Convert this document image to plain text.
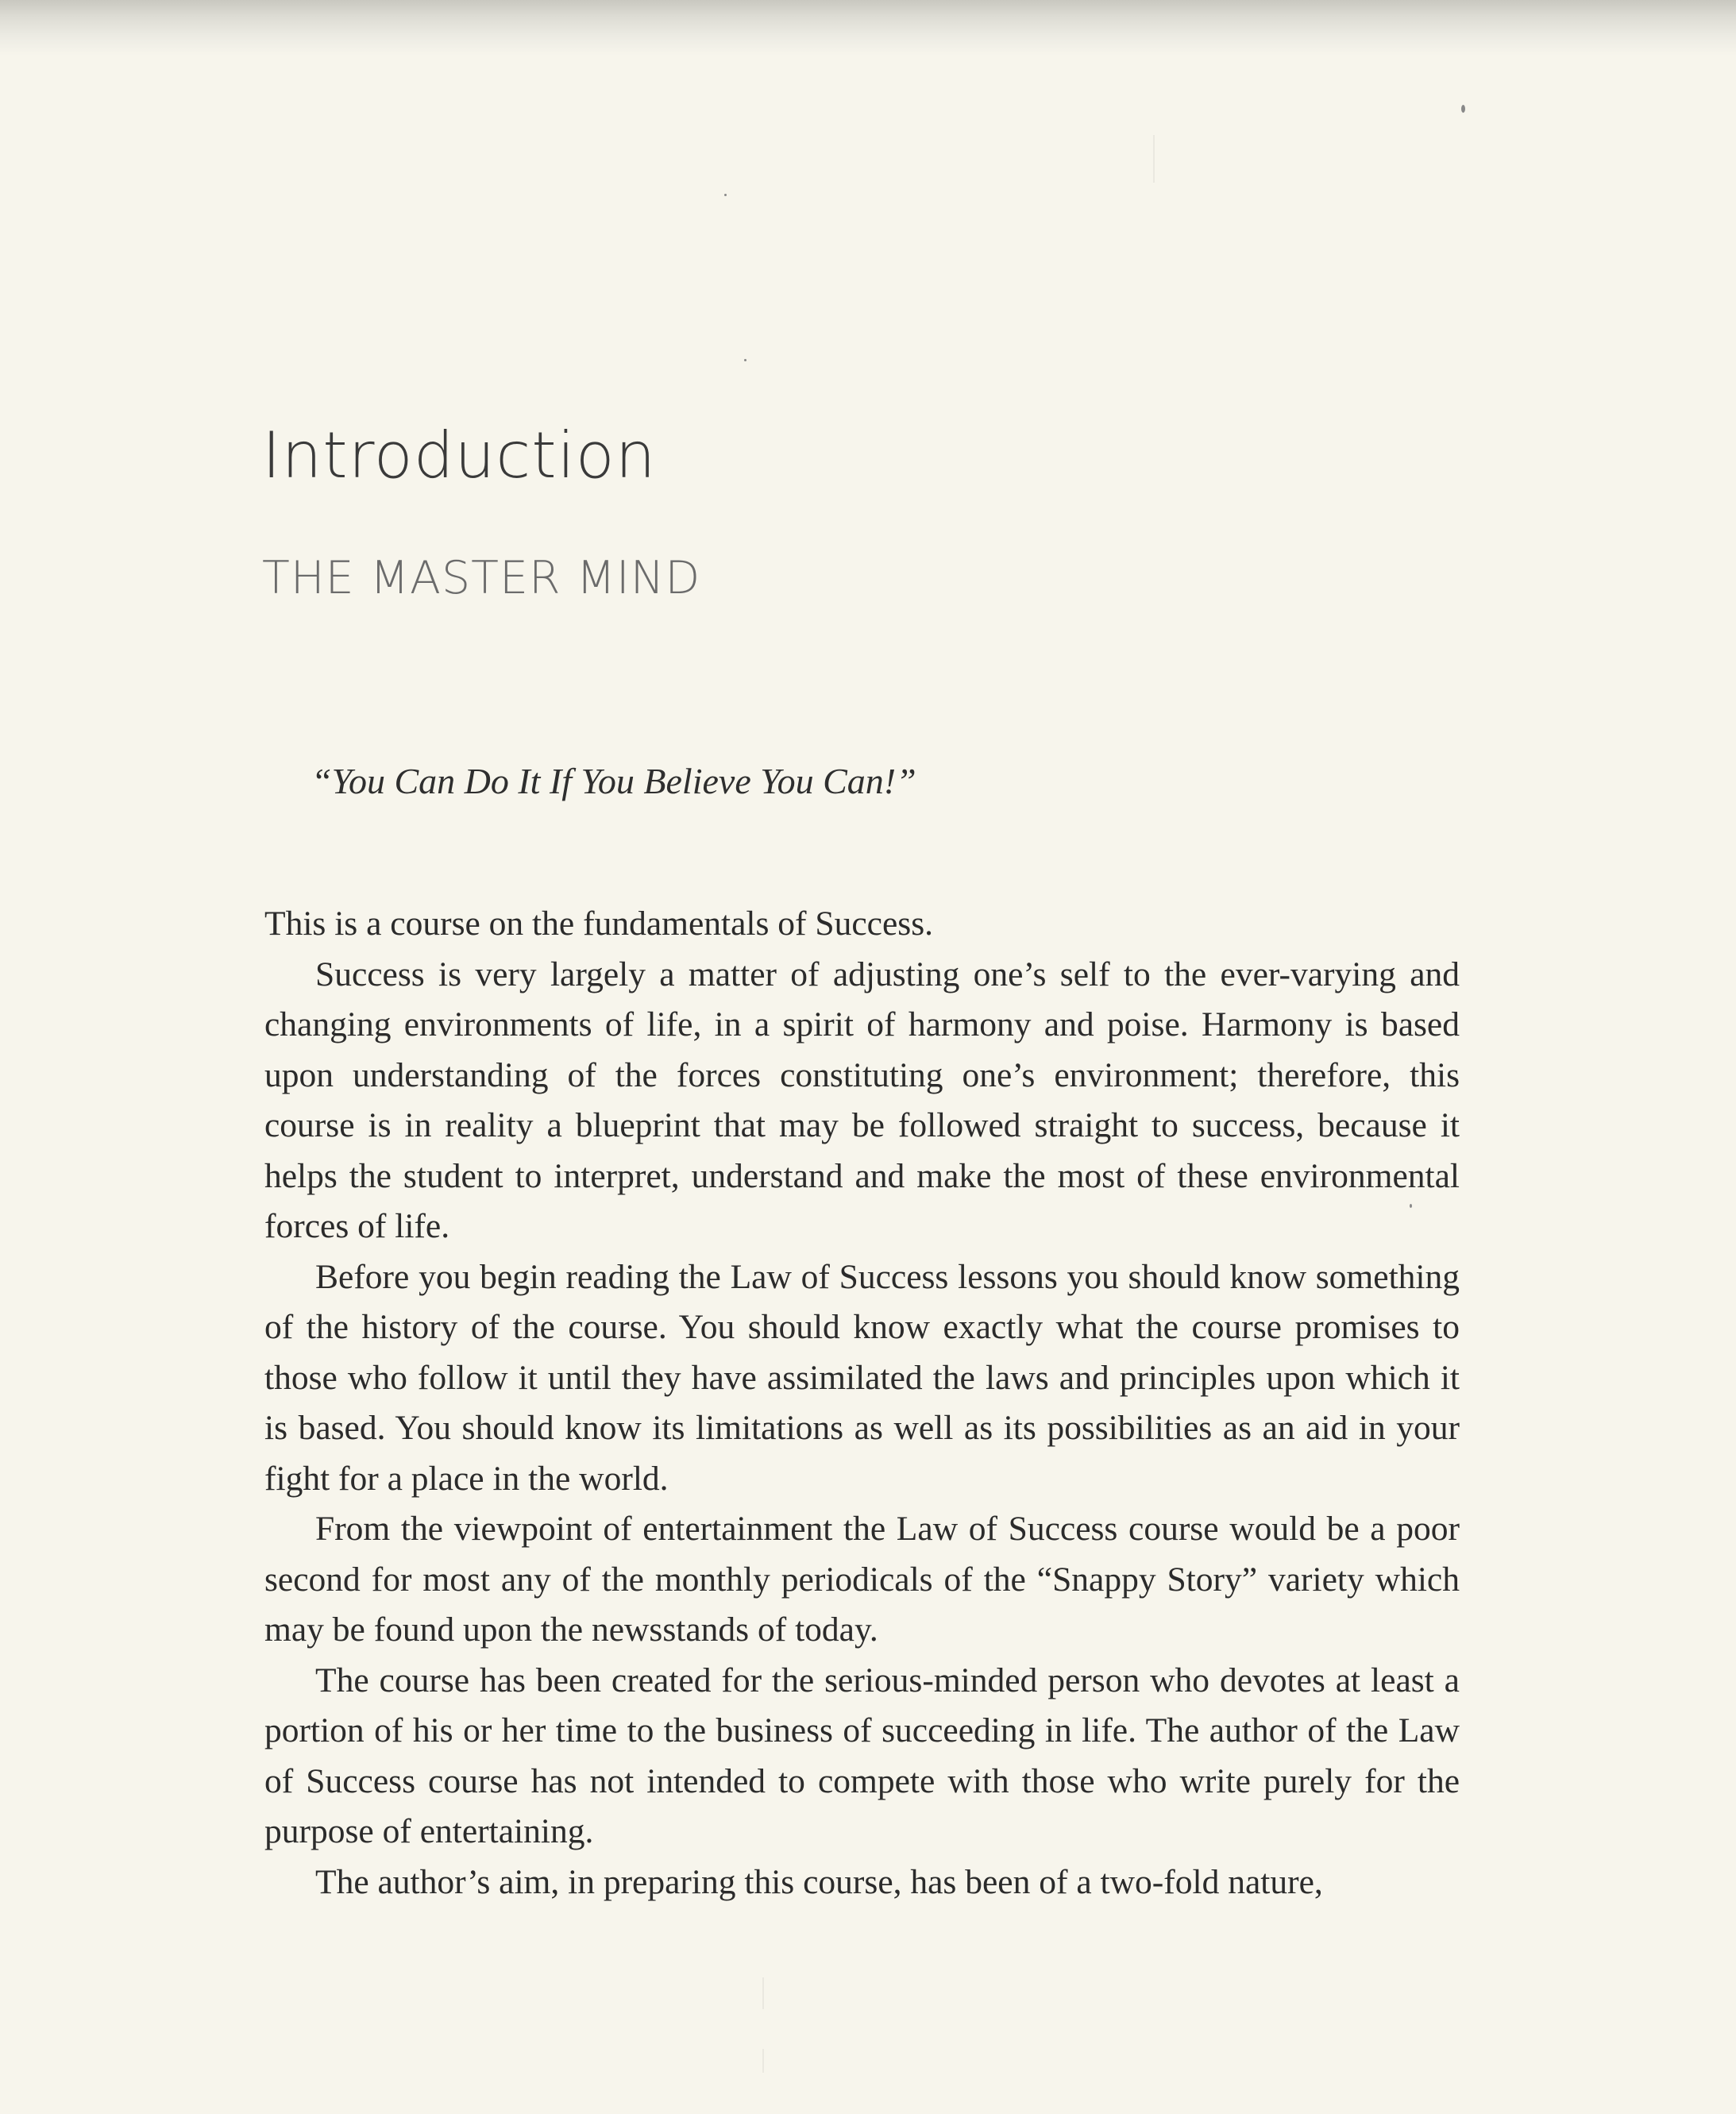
Introduction
THE MASTER MIND

“You Can Do It If You Believe You Can!”

This is a course on the fundamentals of Success.

Success is very largely a matter of adjusting one’s self to the ever-varying and changing environments of life, in a spirit of harmony and poise. Harmony is based upon understanding of the forces constituting one’s environment; therefore, this course is in reality a blueprint that may be followed straight to success, because it helps the student to interpret, understand and make the most of these environmental forces of life.

Before you begin reading the Law of Success lessons you should know something of the history of the course. You should know exactly what the course promises to those who follow it until they have assimilated the laws and principles upon which it is based. You should know its limitations as well as its possibilities as an aid in your fight for a place in the world.

From the viewpoint of entertainment the Law of Success course would be a poor second for most any of the monthly periodicals of the “Snappy Story” variety which may be found upon the newsstands of today.

The course has been created for the serious-minded person who devotes at least a portion of his or her time to the business of succeeding in life. The author of the Law of Success course has not intended to compete with those who write purely for the purpose of entertaining.

The author’s aim, in preparing this course, has been of a two-fold nature,
